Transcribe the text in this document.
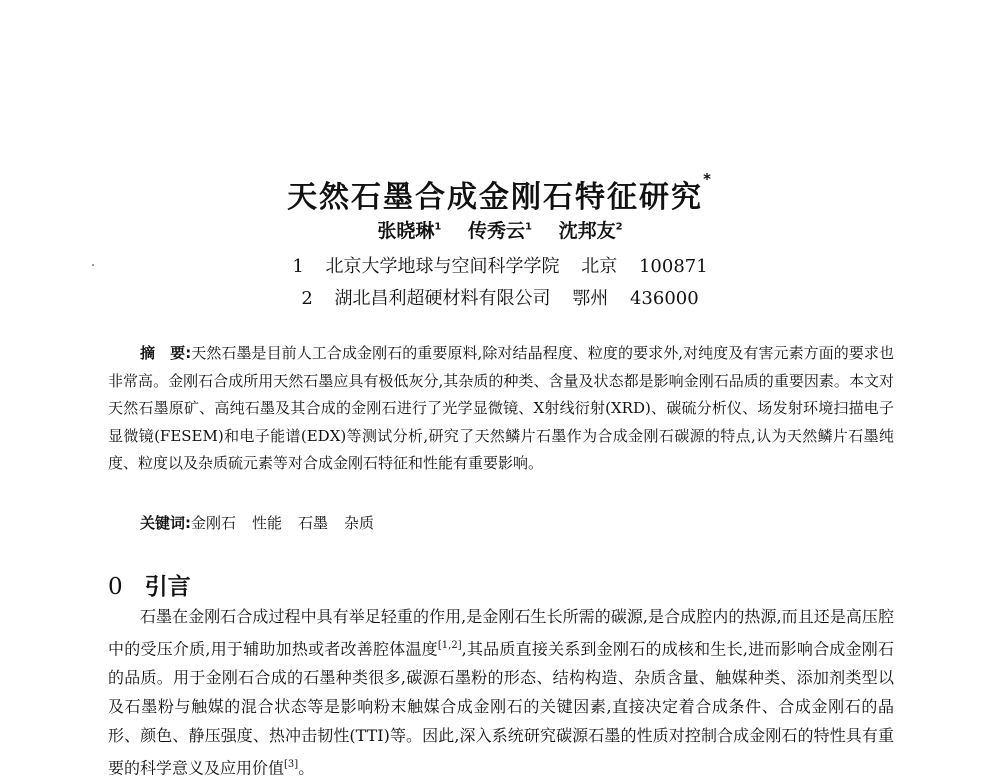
天然石墨合成金刚石特征研究*
张晓琳$^1$ 传秀云$^1$ 沈邦友$^2$
1 北京大学地球与空间科学学院 北京 100871
2 湖北昌利超硬材料有限公司 鄂州 436000
摘　要:天然石墨是目前人工合成金刚石的重要原料,除对结晶程度、粒度的要求外,对纯度及有害元素方面的要求也非常高。金刚石合成所用天然石墨应具有极低灰分,其杂质的种类、含量及状态都是影响金刚石品质的重要因素。本文对天然石墨原矿、高纯石墨及其合成的金刚石进行了光学显微镜、X射线衍射(XRD)、碳硫分析仪、场发射环境扫描电子显微镜(FESEM)和电子能谱(EDX)等测试分析,研究了天然鳞片石墨作为合成金刚石碳源的特点,认为天然鳞片石墨纯度、粒度以及杂质硫元素等对合成金刚石特征和性能有重要影响。
关键词:金刚石 性能 石墨 杂质
0 引言

石墨在金刚石合成过程中具有举足轻重的作用,是金刚石生长所需的碳源,是合成腔内的热源,而且还是高压腔中的受压介质,用于辅助加热或者改善腔体温度[1,2],其品质直接关系到金刚石的成核和生长,进而影响合成金刚石的品质。用于金刚石合成的石墨种类很多,碳源石墨粉的形态、结构构造、杂质含量、触媒种类、添加剂类型以及石墨粉与触媒的混合状态等是影响粉末触媒合成金刚石的关键因素,直接决定着合成条件、合成金刚石的晶形、颜色、静压强度、热冲击韧性(TTI)等。因此,深入系统研究碳源石墨的性质对控制合成金刚石的特性具有重要的科学意义及应用价值[3]。
